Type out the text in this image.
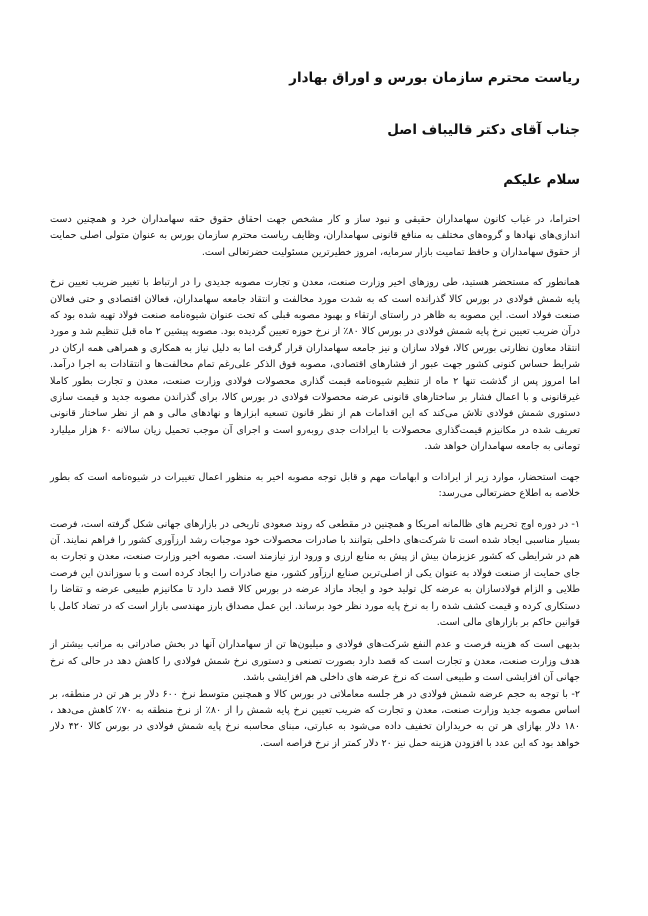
ریاست محترم سازمان بورس و اوراق بهادار

جناب آقای دکتر قالیباف اصل

سلام علیکم

احتراما، در غیاب کانون سهامداران حقیقی و نبود ساز و کار مشخص جهت احقاق حقوق حقه سهامداران خرد و همچنین دست اندازی‌های نهادها و گروه‌های مختلف به منافع قانونی سهامداران، وظایف ریاست محترم سازمان بورس به عنوان متولی اصلی حمایت از حقوق سهامداران و حافظ تمامیت بازار سرمایه، امروز خطیرترین مسئولیت حضرتعالی است.

همانطور که مستحضر هستید، طی روزهای اخیر وزارت صنعت، معدن و تجارت مصوبه جدیدی را در ارتباط با تغییر ضریب تعیین نرخ پایه شمش فولادی در بورس کالا گذرانده است که به شدت مورد مخالفت و انتقاد جامعه سهامداران، فعالان اقتصادی و حتی فعالان صنعت فولاد است. این مصوبه به ظاهر در راستای ارتقاء و بهبود مصوبه قبلی که تحت عنوان شیوه‌نامه صنعت فولاد تهیه شده بود که درآن ضریب تعیین نرخ پایه شمش فولادی در بورس کالا ۸۰٪ از نرخ حوزه تعیین گردیده بود. مصوبه پیشین ۲ ماه قبل تنظیم شد و مورد انتقاد معاون نظارتی بورس کالا، فولاد سازان و نیز جامعه سهامداران قرار گرفت اما به دلیل نیاز به همکاری و همراهی همه ارکان در شرایط حساس کنونی کشور جهت عبور از فشارهای اقتصادی، مصوبه فوق الذکر علی‌رغم تمام مخالفت‌ها و انتقادات به اجرا درآمد. اما امروز پس از گذشت تنها ۲ ماه از تنظیم شیوه‌نامه قیمت گذاری محصولات فولادی وزارت صنعت، معدن و تجارت بطور کاملا غیرقانونی و با اعمال فشار بر ساختارهای قانونی عرضه محصولات فولادی در بورس کالا، برای گذراندن مصوبه جدید و قیمت سازی دستوری شمش فولادی تلاش می‌کند که این اقدامات هم از نظر قانون تسعیه ابزارها و نهادهای مالی و هم از نظر ساختار قانونی تعریف شده در مکانیزم قیمت‌گذاری محصولات با ایرادات جدی روبه‌رو است و اجرای آن موجب تحمیل زیان سالانه ۶۰ هزار میلیارد تومانی به جامعه سهامداران خواهد شد.

جهت استحضار، موارد زیر از ایرادات و ابهامات مهم و قابل توجه مصوبه اخیر به منظور اعمال تغییرات در شیوه‌نامه است که بطور خلاصه به اطلاع حضرتعالی می‌رسد:

۱- در دوره اوج تحریم های ظالمانه امریکا و همچنین در مقطعی که روند صعودی تاریخی در بازارهای جهانی شکل گرفته است، فرصت بسیار مناسبی ایجاد شده است تا شرکت‌های داخلی بتوانند با صادرات محصولات خود موجبات رشد ارزآوری کشور را فراهم نمایند. آن هم در شرایطی که کشور عزیزمان بیش از پیش به منابع ارزی و ورود ارز نیازمند است. مصوبه اخیر وزارت صنعت، معدن و تجارت به جای حمایت از صنعت فولاد به عنوان یکی از اصلی‌ترین صنایع ارزآور کشور، منع صادرات را ایجاد کرده است و با سوزاندن این فرصت طلایی و الزام فولادسازان به عرضه کل تولید خود و ایجاد مازاد عرضه در بورس کالا قصد دارد تا مکانیزم طبیعی عرضه و تقاضا را دستکاری کرده و قیمت کشف شده را به نرخ پایه مورد نظر خود برساند. این عمل مصداق بارز مهندسی بازار است که در تضاد کامل با قوانین حاکم بر بازارهای مالی است.

بدیهی است که هزینه فرصت و عدم النفع شرکت‌های فولادی و میلیون‌ها تن از سهامداران آنها در بخش صادراتی به مراتب بیشتر از هدف وزارت صنعت، معدن و تجارت است که قصد دارد بصورت تصنعی و دستوری نرخ شمش فولادی را کاهش دهد در حالی که نرخ جهانی آن افزایشی است و طبیعی است که نرخ عرضه های داخلی هم افزایشی باشد.

۲- با توجه به حجم عرضه شمش فولادی در هر جلسه معاملاتی در بورس کالا و همچنین متوسط نرخ ۶۰۰ دلار بر هر تن در منطقه، بر اساس مصوبه جدید وزارت صنعت، معدن و تجارت که ضریب تعیین نرخ پایه شمش را از ۸۰٪ از نرخ منطقه به ۷۰٪ کاهش می‌دهد ، ۱۸۰ دلار بهازای هر تن به خریداران تخفیف داده می‌شود به عبارتی، مبنای محاسبه نرخ پایه شمش فولادی در بورس کالا ۴۲۰ دلار خواهد بود که این عدد با افزودن هزینه حمل نیز ۲۰ دلار کمتر از نرخ فراصه است.
